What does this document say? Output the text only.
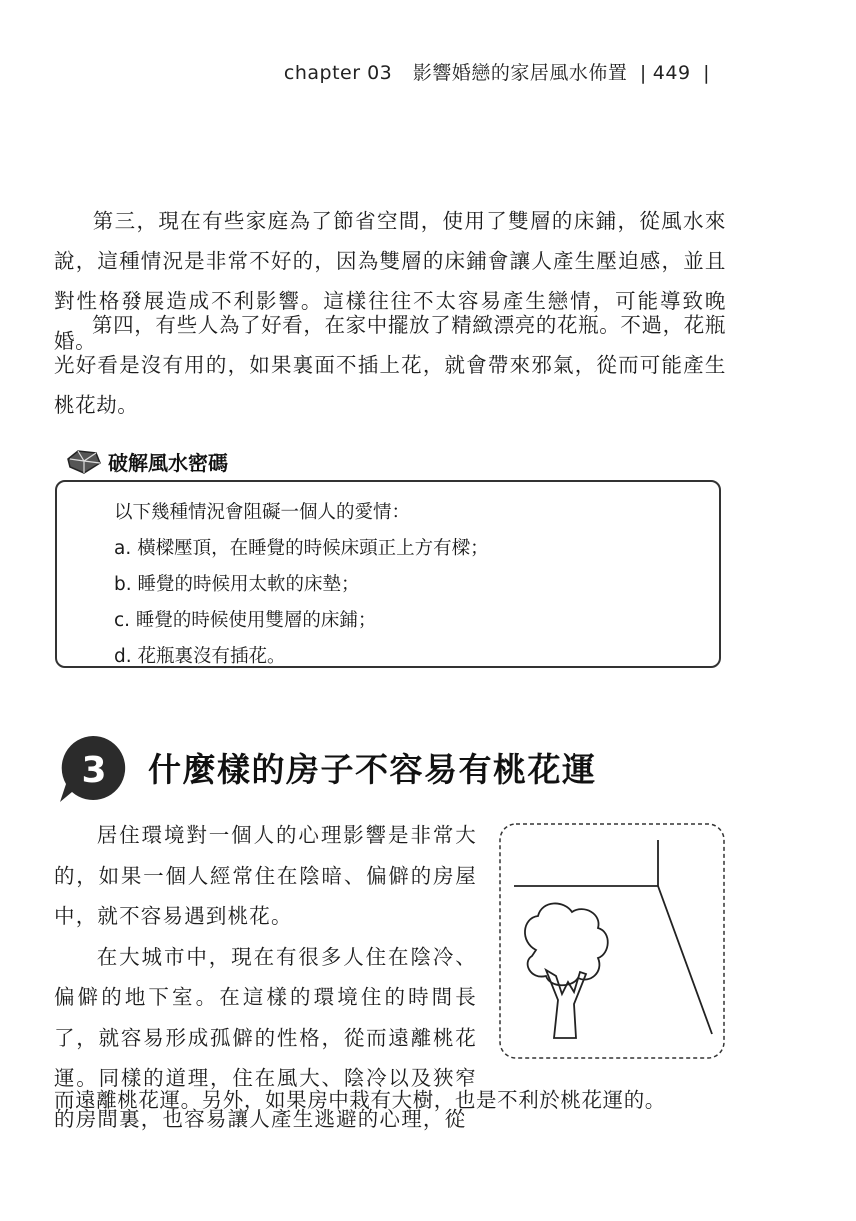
chapter 03 影響婚戀的家居風水佈置 | 449 |
第三，現在有些家庭為了節省空間，使用了雙層的床鋪，從風水來說，這種情況是非常不好的，因為雙層的床鋪會讓人產生壓迫感，並且對性格發展造成不利影響。這樣往往不太容易產生戀情，可能導致晚婚。
第四，有些人為了好看，在家中擺放了精緻漂亮的花瓶。不過，花瓶光好看是沒有用的，如果裏面不插上花，就會帶來邪氣，從而可能產生桃花劫。
破解風水密碼
以下幾種情況會阻礙一個人的愛情：
a. 橫樑壓頂，在睡覺的時候床頭正上方有樑；
b. 睡覺的時候用太軟的床墊；
c. 睡覺的時候使用雙層的床鋪；
d. 花瓶裏沒有插花。
3 什麼樣的房子不容易有桃花運
居住環境對一個人的心理影響是非常大的，如果一個人經常住在陰暗、偏僻的房屋中，就不容易遇到桃花。
在大城市中，現在有很多人住在陰冷、偏僻的地下室。在這樣的環境住的時間長了，就容易形成孤僻的性格，從而遠離桃花運。同樣的道理，住在風大、陰冷以及狹窄的房間裏，也容易讓人產生逃避的心理，從
而遠離桃花運。另外，如果房中栽有大樹，也是不利於桃花運的。
